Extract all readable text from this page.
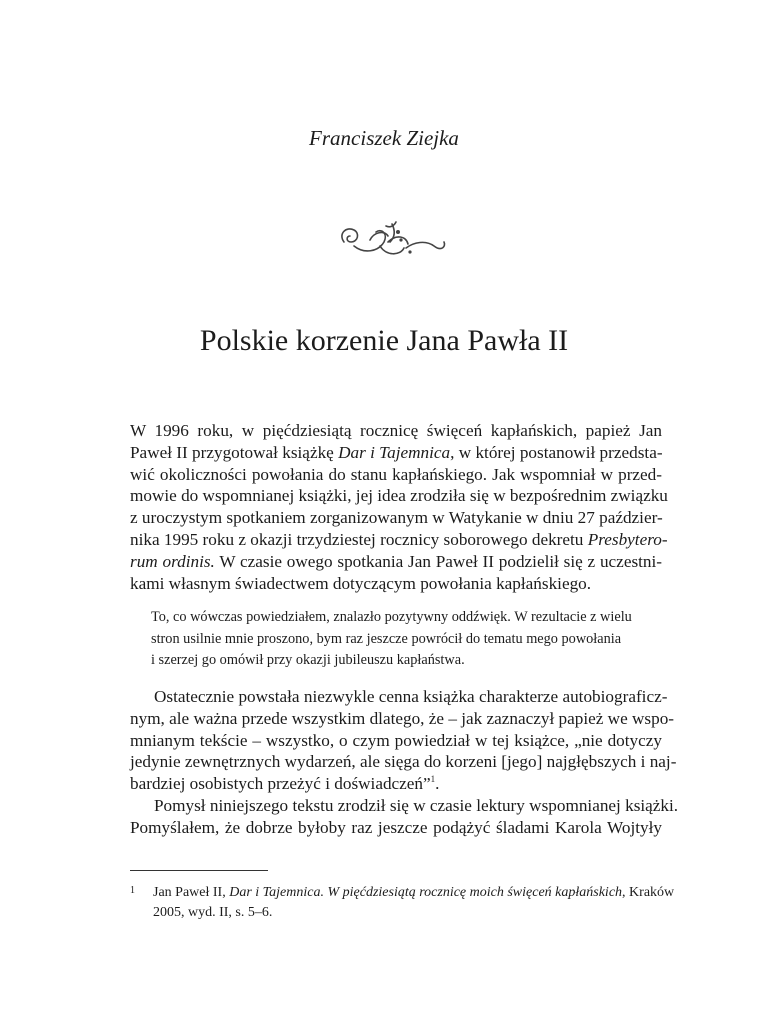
Franciszek Ziejka
Polskie korzenie Jana Pawła II
W 1996 roku, w pięćdziesiątą rocznicę święceń kapłańskich, papież Jan
Paweł II przygotował książkę Dar i Tajemnica, w której postanowił przedsta-
wić okoliczności powołania do stanu kapłańskiego. Jak wspomniał w przed-
mowie do wspomnianej książki, jej idea zrodziła się w bezpośrednim związku
z uroczystym spotkaniem zorganizowanym w Watykanie w dniu 27 paździer-
nika 1995 roku z okazji trzydziestej rocznicy soborowego dekretu Presbytero-
rum ordinis. W czasie owego spotkania Jan Paweł II podzielił się z uczestni-
kami własnym świadectwem dotyczącym powołania kapłańskiego.
To, co wówczas powiedziałem, znalazło pozytywny oddźwięk. W rezultacie z wielu
stron usilnie mnie proszono, bym raz jeszcze powrócił do tematu mego powołania
i szerzej go omówił przy okazji jubileuszu kapłaństwa.
Ostatecznie powstała niezwykle cenna książka charakterze autobiograficz-
nym, ale ważna przede wszystkim dlatego, że – jak zaznaczył papież we wspo-
mnianym tekście – wszystko, o czym powiedział w tej książce, „nie dotyczy
jedynie zewnętrznych wydarzeń, ale sięga do korzeni [jego] najgłębszych i naj-
bardziej osobistych przeżyć i doświadczeń”$^1$.
Pomysł niniejszego tekstu zrodził się w czasie lektury wspomnianej książki.
Pomyślałem, że dobrze byłoby raz jeszcze podążyć śladami Karola Wojtyły
1 Jan Paweł II, Dar i Tajemnica. W pięćdziesiątą rocznicę moich święceń kapłańskich, Kraków
2005, wyd. II, s. 5–6.
